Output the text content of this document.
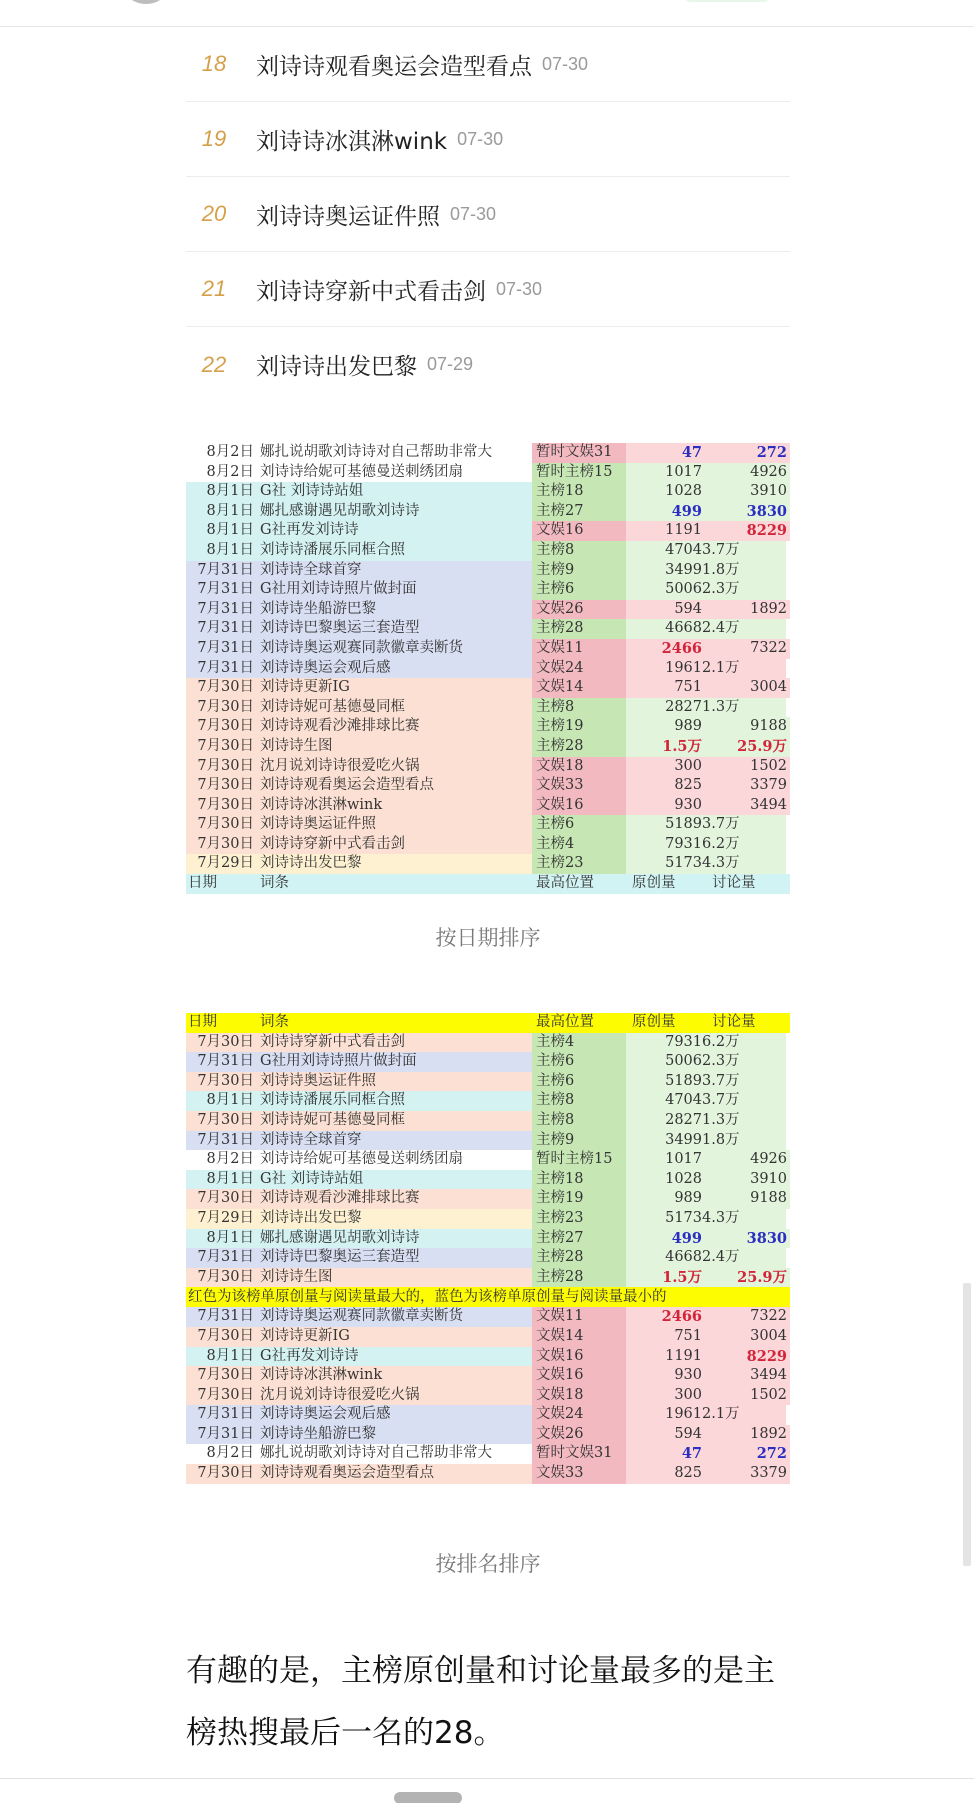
18	刘诗诗观看奥运会造型看点 07-30
19	刘诗诗冰淇淋wink 07-30
20	刘诗诗奥运证件照 07-30
21	刘诗诗穿新中式看击剑 07-30
22	刘诗诗出发巴黎 07-29
8月2日 娜扎说胡歌刘诗诗对自己帮助非常大	暂时文娱31	47	272
8月2日 刘诗诗给妮可基德曼送刺绣团扇	暂时主榜15	1017	4926
8月1日 G社 刘诗诗站姐	主榜18	1028	3910
8月1日 娜扎感谢遇见胡歌刘诗诗	主榜27	499	3830
8月1日 G社再发刘诗诗	文娱16	1191	8229
8月1日 刘诗诗潘展乐同框合照	主榜8	4704 3.7万
7月31日 刘诗诗全球首穿	主榜9	3499 1.8万
7月31日 G社用刘诗诗照片做封面	主榜6	5006 2.3万
7月31日 刘诗诗坐船游巴黎	文娱26	594	1892
7月31日 刘诗诗巴黎奥运三套造型	主榜28	4668 2.4万
7月31日 刘诗诗奥运观赛同款徽章卖断货	文娱11	2466	7322
7月31日 刘诗诗奥运会观后感	文娱24	1961 2.1万
7月30日 刘诗诗更新IG	文娱14	751	3004
7月30日 刘诗诗妮可基德曼同框	主榜8	2827 1.3万
7月30日 刘诗诗观看沙滩排球比赛	主榜19	989	9188
7月30日 刘诗诗生图	主榜28	1.5万	25.9万
7月30日 沈月说刘诗诗很爱吃火锅	文娱18	300	1502
7月30日 刘诗诗观看奥运会造型看点	文娱33	825	3379
7月30日 刘诗诗冰淇淋wink	文娱16	930	3494
7月30日 刘诗诗奥运证件照	主榜6	5189 3.7万
7月30日 刘诗诗穿新中式看击剑	主榜4	7931 6.2万
7月29日 刘诗诗出发巴黎	主榜23	5173 4.3万
日期	词条	最高位置	原创量	讨论量
按日期排序
日期	词条	最高位置	原创量	讨论量
7月30日 刘诗诗穿新中式看击剑	主榜4	7931 6.2万
7月31日 G社用刘诗诗照片做封面	主榜6	5006 2.3万
7月30日 刘诗诗奥运证件照	主榜6	5189 3.7万
8月1日 刘诗诗潘展乐同框合照	主榜8	4704 3.7万
7月30日 刘诗诗妮可基德曼同框	主榜8	2827 1.3万
7月31日 刘诗诗全球首穿	主榜9	3499 1.8万
8月2日 刘诗诗给妮可基德曼送刺绣团扇	暂时主榜15	1017	4926
8月1日 G社 刘诗诗站姐	主榜18	1028	3910
7月30日 刘诗诗观看沙滩排球比赛	主榜19	989	9188
7月29日 刘诗诗出发巴黎	主榜23	5173 4.3万
8月1日 娜扎感谢遇见胡歌刘诗诗	主榜27	499	3830
7月31日 刘诗诗巴黎奥运三套造型	主榜28	4668 2.4万
7月30日 刘诗诗生图	主榜28	1.5万	25.9万
红色为该榜单原创量与阅读量最大的，蓝色为该榜单原创量与阅读量最小的
7月31日 刘诗诗奥运观赛同款徽章卖断货	文娱11	2466	7322
7月30日 刘诗诗更新IG	文娱14	751	3004
8月1日 G社再发刘诗诗	文娱16	1191	8229
7月30日 刘诗诗冰淇淋wink	文娱16	930	3494
7月30日 沈月说刘诗诗很爱吃火锅	文娱18	300	1502
7月31日 刘诗诗奥运会观后感	文娱24	1961 2.1万
7月31日 刘诗诗坐船游巴黎	文娱26	594	1892
8月2日 娜扎说胡歌刘诗诗对自己帮助非常大	暂时文娱31	47	272
7月30日 刘诗诗观看奥运会造型看点	文娱33	825	3379
按排名排序
有趣的是，主榜原创量和讨论量最多的是主榜热搜最后一名的28。
